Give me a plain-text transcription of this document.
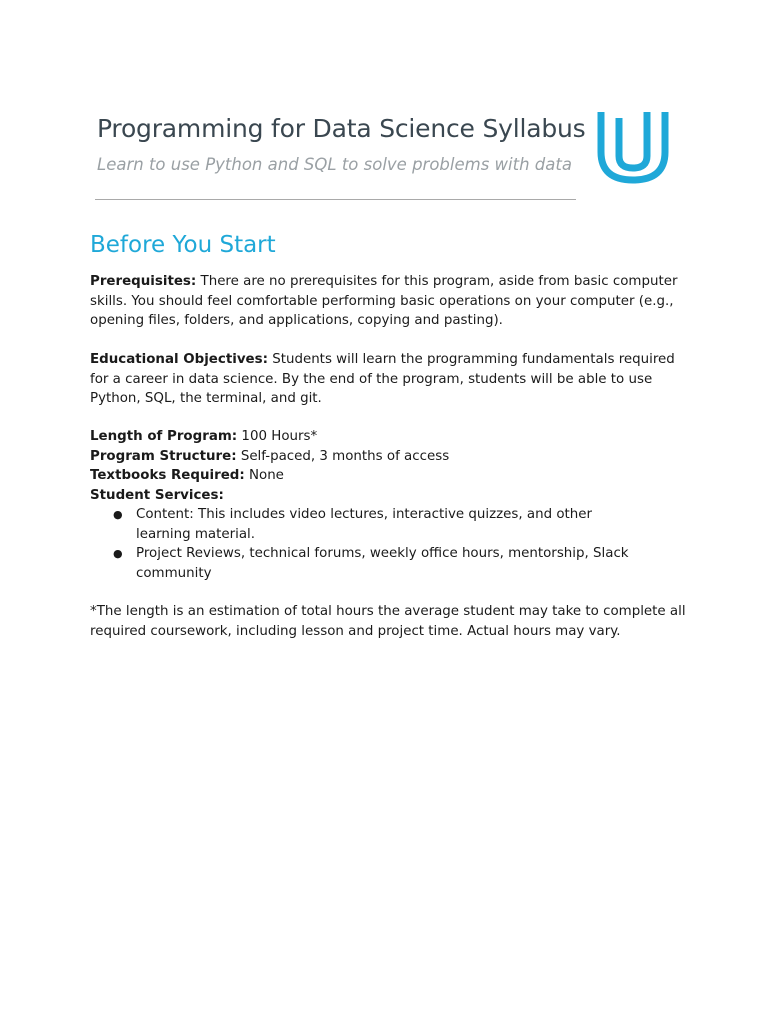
Programming for Data Science Syllabus

Learn to use Python and SQL to solve problems with data

Before You Start

Prerequisites: There are no prerequisites for this program, aside from basic computer skills. You should feel comfortable performing basic operations on your computer (e.g., opening files, folders, and applications, copying and pasting).

Educational Objectives: Students will learn the programming fundamentals required for a career in data science. By the end of the program, students will be able to use Python, SQL, the terminal, and git.

Length of Program: 100 Hours*
Program Structure: Self-paced, 3 months of access
Textbooks Required: None
Student Services:
● Content: This includes video lectures, interactive quizzes, and other learning material.
● Project Reviews, technical forums, weekly office hours, mentorship, Slack community

*The length is an estimation of total hours the average student may take to complete all required coursework, including lesson and project time. Actual hours may vary.
